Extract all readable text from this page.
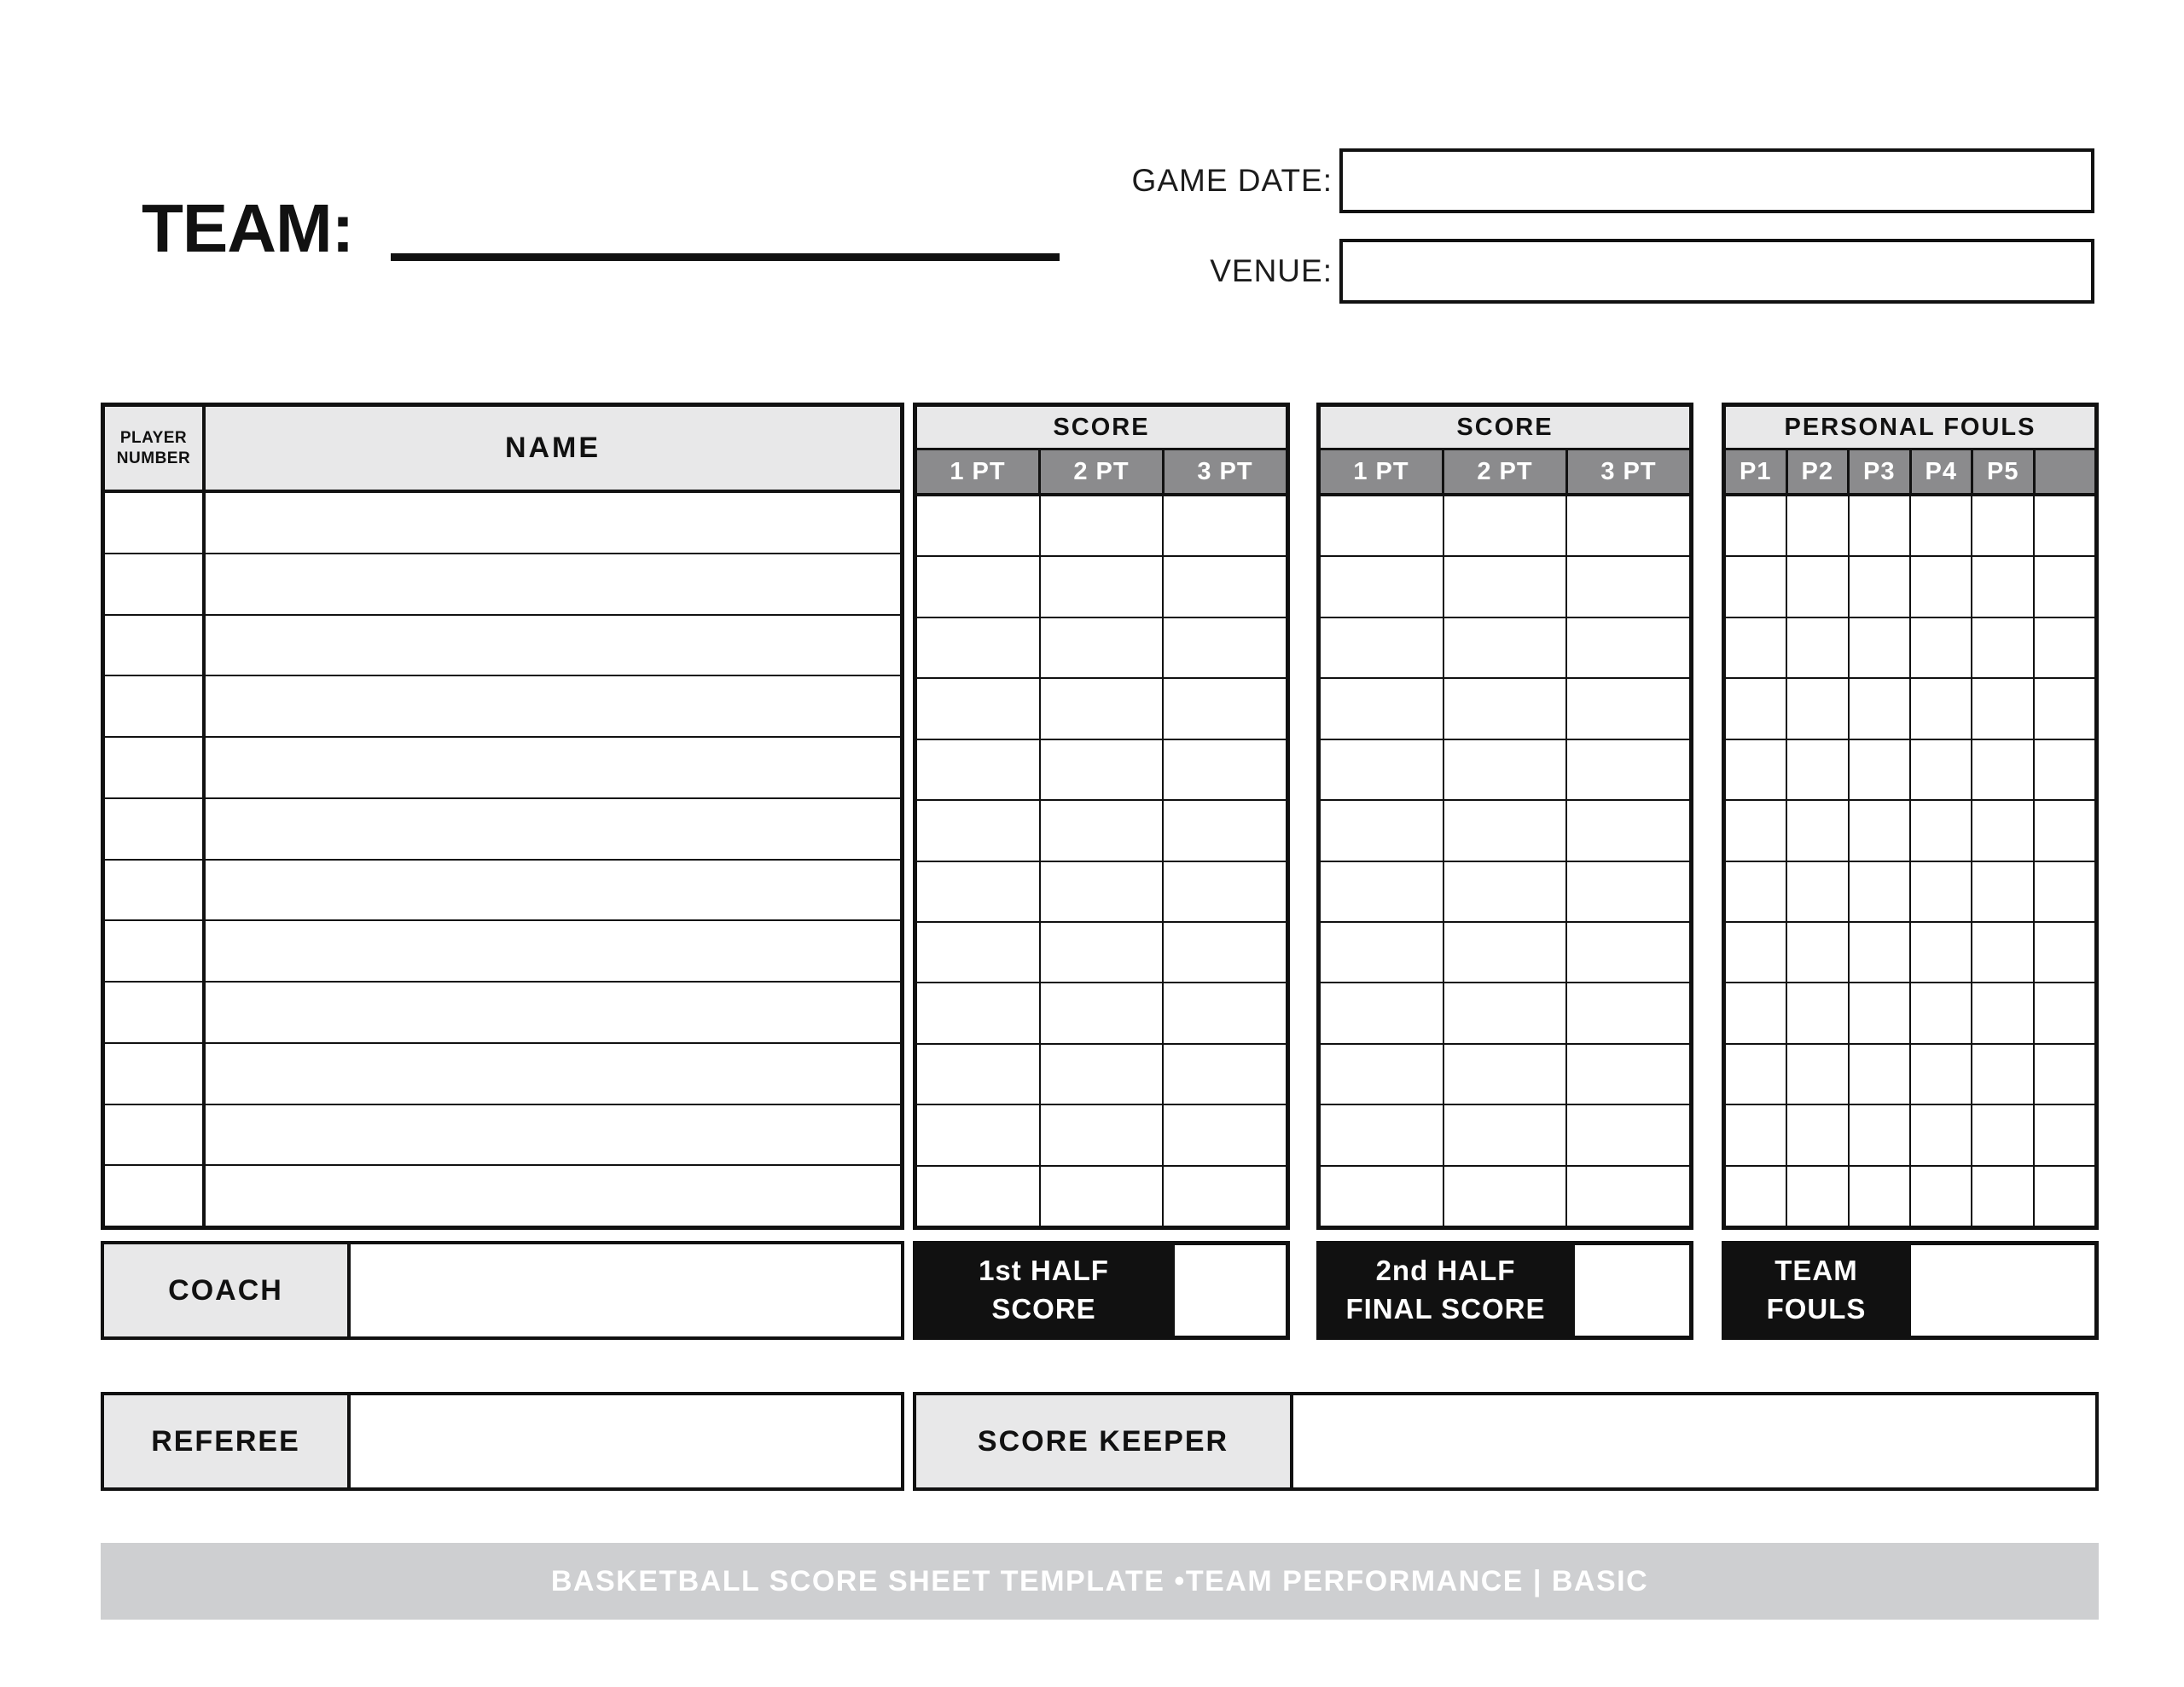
TEAM:
GAME DATE:
VENUE:
PLAYER
NUMBER	NAME
SCORE
1 PT	2 PT	3 PT
SCORE
1 PT	2 PT	3 PT
PERSONAL FOULS
P1	P2	P3	P4	P5
COACH
1st HALF
SCORE
2nd HALF
FINAL SCORE
TEAM
FOULS
REFEREE	SCORE KEEPER
BASKETBALL SCORE SHEET TEMPLATE •TEAM PERFORMANCE | BASIC
